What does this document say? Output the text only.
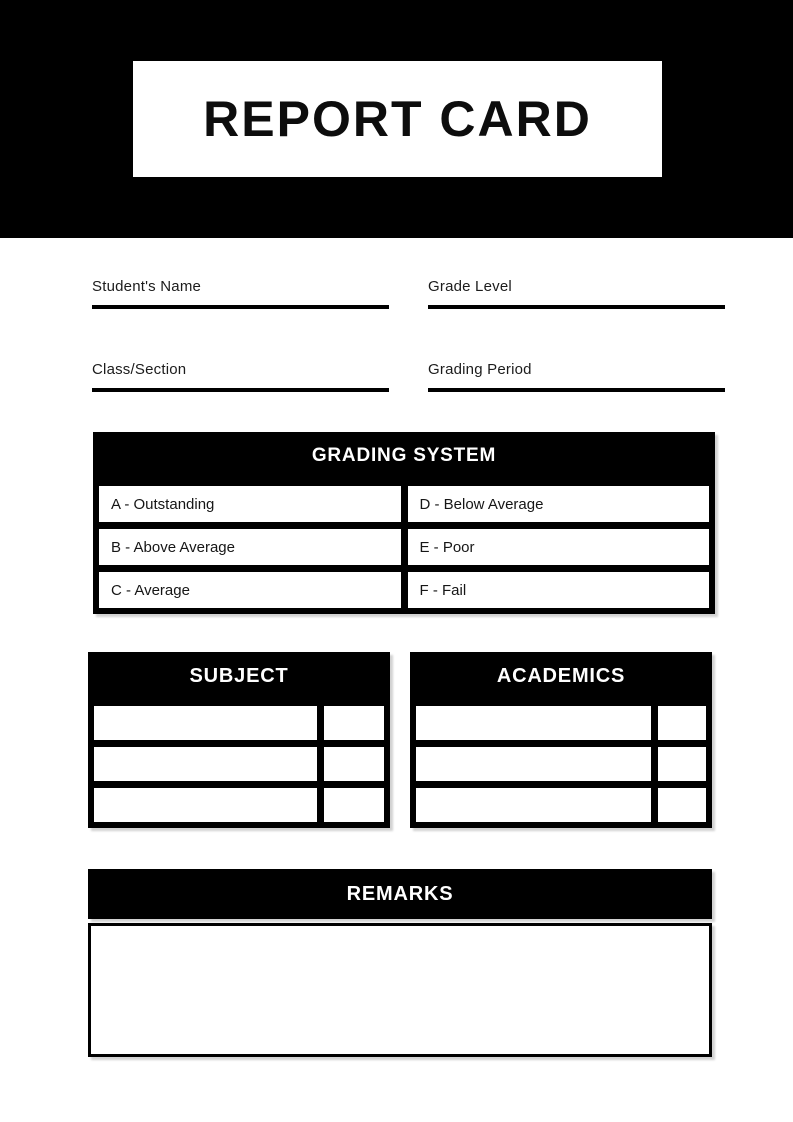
REPORT CARD
Student's Name	Grade Level
Class/Section	Grading Period
GRADING SYSTEM
A - Outstanding	D - Below Average
B - Above Average	E - Poor
C - Average	F - Fail
SUBJECT	ACADEMICS
REMARKS
